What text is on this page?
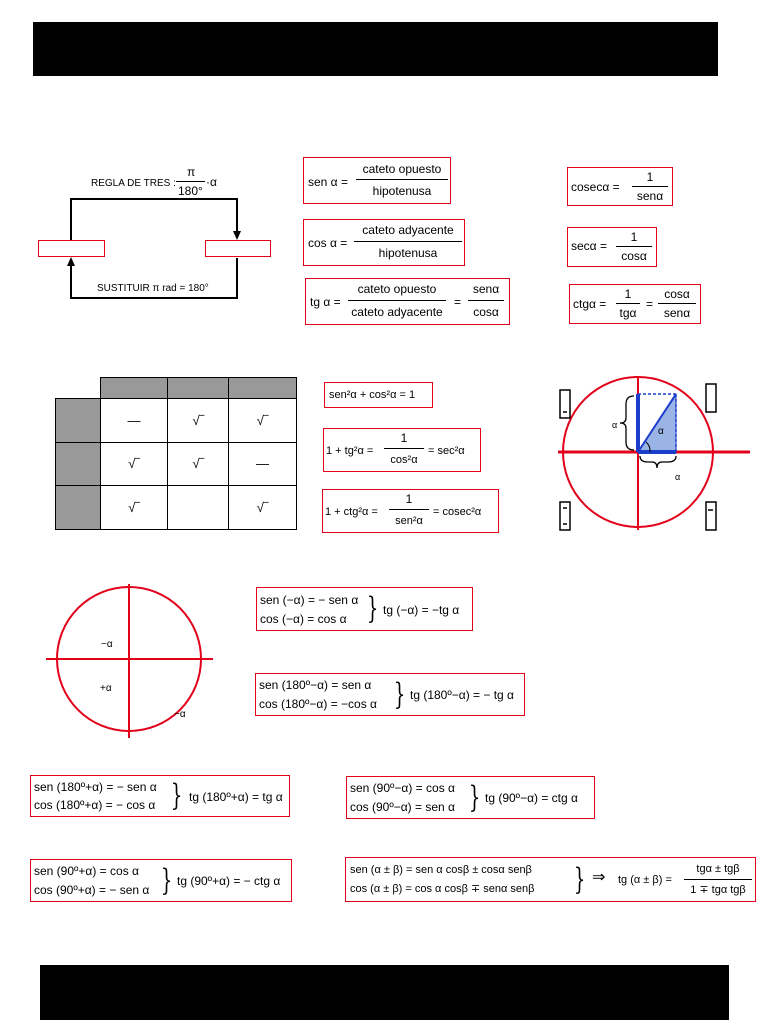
REGLA DE TRES :
π
180°
·α
SUSTITUIR π rad = 180°
sen α =
cateto opuesto
hipotenusa
cos α =
cateto adyacente
hipotenusa
tg α =
cateto opuesto
cateto adyacente
=
senα
cosα
cosecα =
1
senα
secα =
1
cosα
ctgα =
1
tgα
=
cosα
senα

	—	√‾	√‾
	√‾	√‾	—
	√‾		√‾
sen²α + cos²α = 1
1 + tg²α =
1
cos²α
= sec²α
1 + ctg²α =
1
sen²α
= cosec²α
α
α
α
−α
+α
−α
sen (−α) = − sen α
cos (−α) = cos α } tg (−α) = −tg α
sen (180º−α) = sen α
cos (180º−α) = −cos α } tg (180º−α) = − tg α
sen (180º+α) = − sen α
cos (180º+α) = − cos α } tg (180º+α) = tg α
sen (90º−α) = cos α
cos (90º−α) = sen α } tg (90º−α) = ctg α
sen (90º+α) = cos α
cos (90º+α) = − sen α } tg (90º+α) = − ctg α
sen (α ± β) = sen α cosβ ± cosα senβ
cos (α ± β) = cos α cosβ ∓ senα senβ } ⇒ tg (α ± β) =
tgα ± tgβ
1 ∓ tgα tgβ
